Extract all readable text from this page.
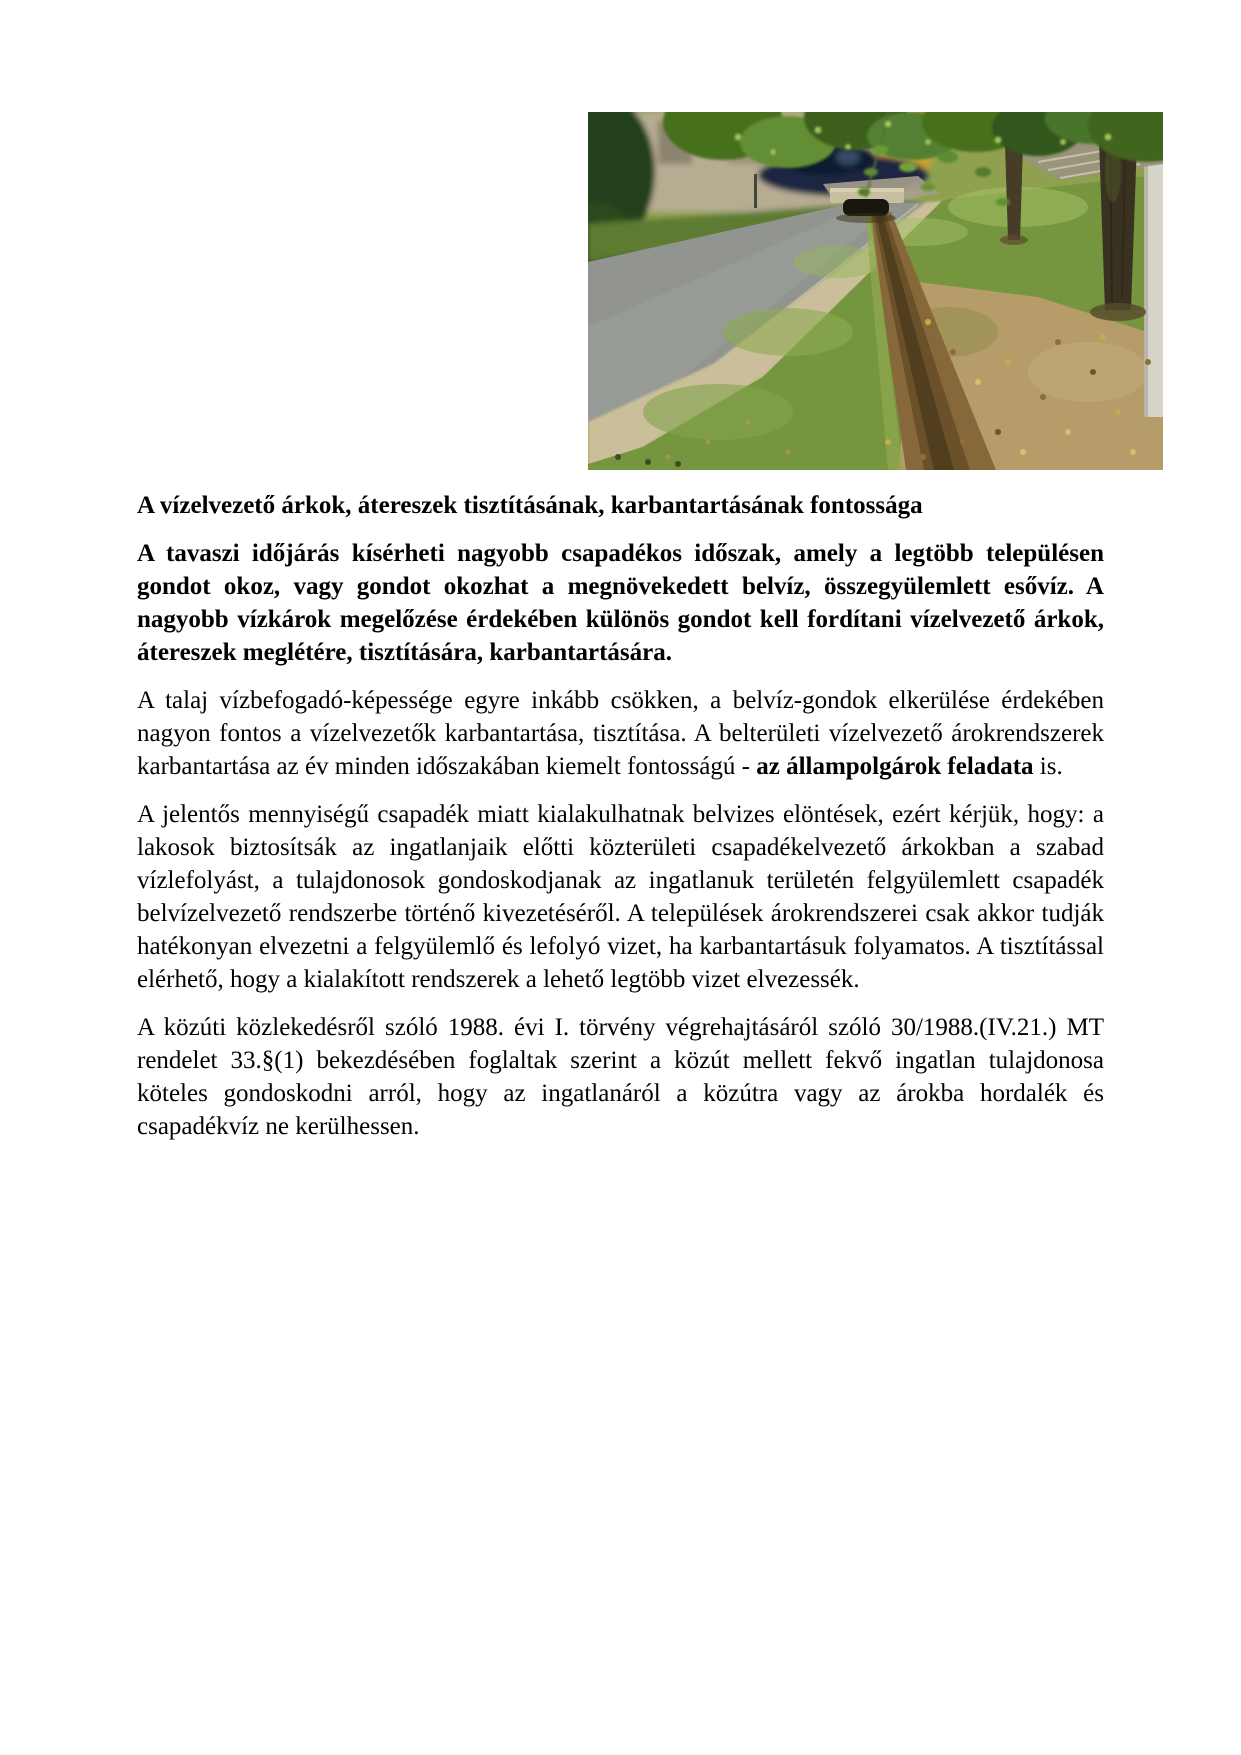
A vízelvezető árkok, átereszek tisztításának, karbantartásának fontossága

A tavaszi időjárás kísérheti nagyobb csapadékos időszak, amely a legtöbb településen gondot okoz, vagy gondot okozhat a megnövekedett belvíz, összegyülemlett esővíz. A nagyobb vízkárok megelőzése érdekében különös gondot kell fordítani vízelvezető árkok, átereszek meglétére, tisztítására, karbantartására.

A talaj vízbefogadó-képessége egyre inkább csökken, a belvíz-gondok elkerülése érdekében nagyon fontos a vízelvezetők karbantartása, tisztítása. A belterületi vízelvezető árokrendszerek karbantartása az év minden időszakában kiemelt fontosságú - az állampolgárok feladata is.

A jelentős mennyiségű csapadék miatt kialakulhatnak belvizes elöntések, ezért kérjük, hogy: a lakosok biztosítsák az ingatlanjaik előtti közterületi csapadékelvezető árkokban a szabad vízlefolyást, a tulajdonosok gondoskodjanak az ingatlanuk területén felgyülemlett csapadék belvízelvezető rendszerbe történő kivezetéséről. A települések árokrendszerei csak akkor tudják hatékonyan elvezetni a felgyülemlő és lefolyó vizet, ha karbantartásuk folyamatos. A tisztítással elérhető, hogy a kialakított rendszerek a lehető legtöbb vizet elvezessék.

A közúti közlekedésről szóló 1988. évi I. törvény végrehajtásáról szóló 30/1988.(IV.21.) MT rendelet 33.§(1) bekezdésében foglaltak szerint a közút mellett fekvő ingatlan tulajdonosa köteles gondoskodni arról, hogy az ingatlanáról a közútra vagy az árokba hordalék és csapadékvíz ne kerülhessen.
